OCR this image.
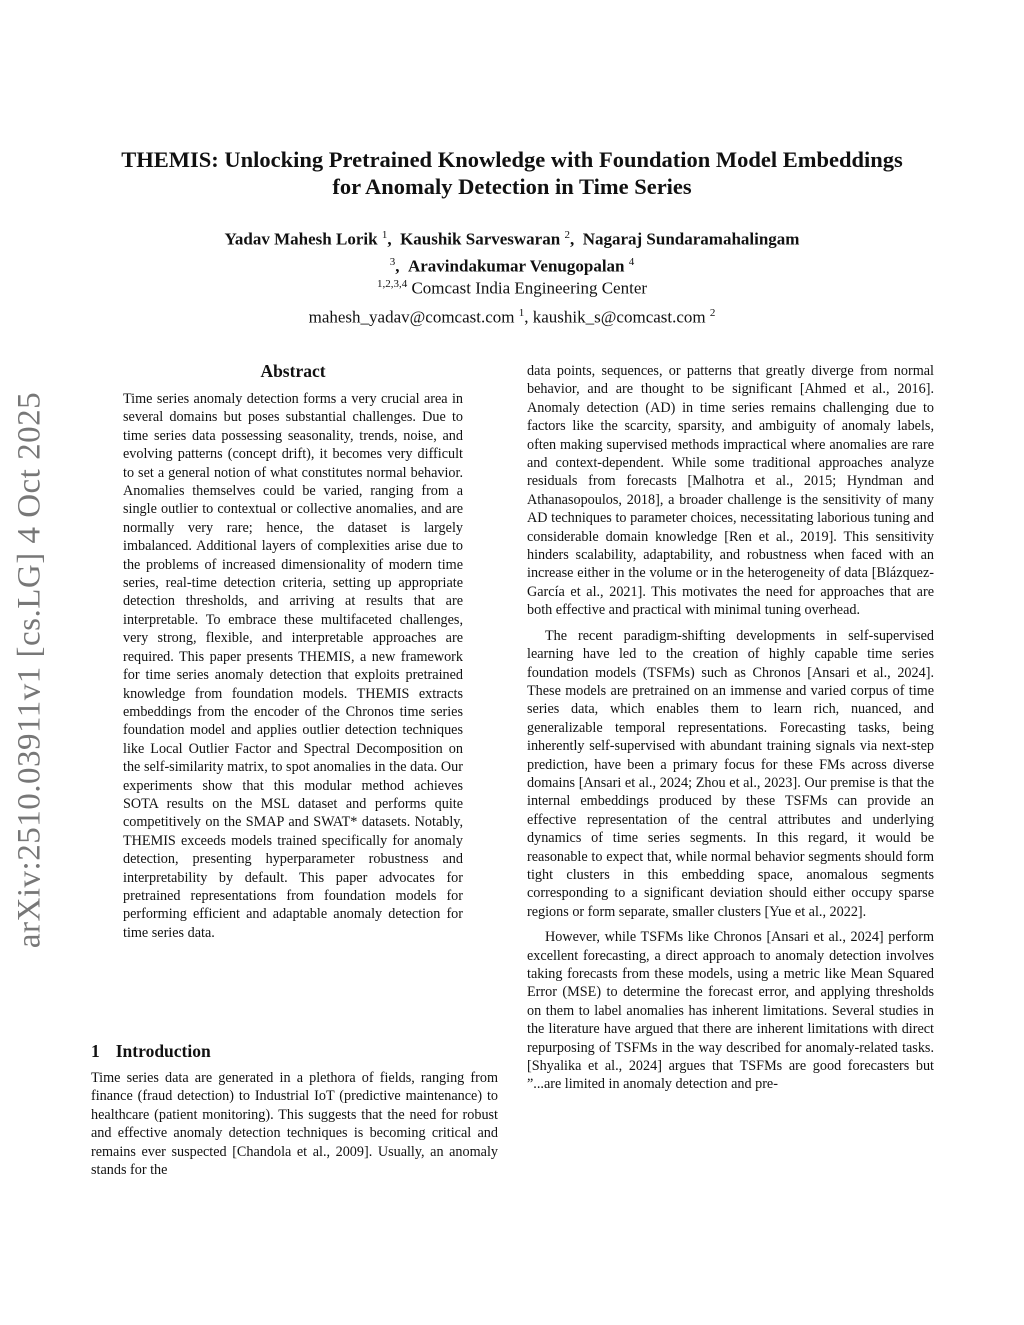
arXiv:2510.03911v1 [cs.LG] 4 Oct 2025
THEMIS: Unlocking Pretrained Knowledge with Foundation Model Embeddings
for Anomaly Detection in Time Series
Yadav Mahesh Lorik $^1$,  Kaushik Sarveswaran $^2$,  Nagaraj Sundaramahalingam
$^3$,  Aravindakumar Venugopalan $^4$
$^{1,2,3,4}$ Comcast India Engineering Center
mahesh_yadav@comcast.com $^1$, kaushik_s@comcast.com $^2$
Abstract
Time series anomaly detection forms a very crucial area in several domains but poses substantial challenges. Due to time series data possessing seasonality, trends, noise, and evolving patterns (concept drift), it becomes very difficult to set a general notion of what constitutes normal behavior. Anomalies themselves could be varied, ranging from a single outlier to contextual or collective anomalies, and are normally very rare; hence, the dataset is largely imbalanced. Additional layers of complexities arise due to the problems of increased dimensionality of modern time series, real-time detection criteria, setting up appropriate detection thresholds, and arriving at results that are interpretable. To embrace these multifaceted challenges, very strong, flexible, and interpretable approaches are required. This paper presents THEMIS, a new framework for time series anomaly detection that exploits pretrained knowledge from foundation models. THEMIS extracts embeddings from the encoder of the Chronos time series foundation model and applies outlier detection techniques like Local Outlier Factor and Spectral Decomposition on the self-similarity matrix, to spot anomalies in the data. Our experiments show that this modular method achieves SOTA results on the MSL dataset and performs quite competitively on the SMAP and SWAT* datasets. Notably, THEMIS exceeds models trained specifically for anomaly detection, presenting hyperparameter robustness and interpretability by default. This paper advocates for pretrained representations from foundation models for performing efficient and adaptable anomaly detection for time series data.
1 Introduction

Time series data are generated in a plethora of fields, ranging from finance (fraud detection) to Industrial IoT (predictive maintenance) to healthcare (patient monitoring). This suggests that the need for robust and effective anomaly detection techniques is becoming critical and remains ever suspected [Chandola et al., 2009]. Usually, an anomaly stands for the

data points, sequences, or patterns that greatly diverge from normal behavior, and are thought to be significant [Ahmed et al., 2016]. Anomaly detection (AD) in time series remains challenging due to factors like the scarcity, sparsity, and ambiguity of anomaly labels, often making supervised methods impractical where anomalies are rare and context-dependent. While some traditional approaches analyze residuals from forecasts [Malhotra et al., 2015; Hyndman and Athanasopoulos, 2018], a broader challenge is the sensitivity of many AD techniques to parameter choices, necessitating laborious tuning and considerable domain knowledge [Ren et al., 2019]. This sensitivity hinders scalability, adaptability, and robustness when faced with an increase either in the volume or in the heterogeneity of data [Blázquez-García et al., 2021]. This motivates the need for approaches that are both effective and practical with minimal tuning overhead.

The recent paradigm-shifting developments in self-supervised learning have led to the creation of highly capable time series foundation models (TSFMs) such as Chronos [Ansari et al., 2024]. These models are pretrained on an immense and varied corpus of time series data, which enables them to learn rich, nuanced, and generalizable temporal representations. Forecasting tasks, being inherently self-supervised with abundant training signals via next-step prediction, have been a primary focus for these FMs across diverse domains [Ansari et al., 2024; Zhou et al., 2023]. Our premise is that the internal embeddings produced by these TSFMs can provide an effective representation of the central attributes and underlying dynamics of time series segments. In this regard, it would be reasonable to expect that, while normal behavior segments should form tight clusters in this embedding space, anomalous segments corresponding to a significant deviation should either occupy sparse regions or form separate, smaller clusters [Yue et al., 2022].

However, while TSFMs like Chronos [Ansari et al., 2024] perform excellent forecasting, a direct approach to anomaly detection involves taking forecasts from these models, using a metric like Mean Squared Error (MSE) to determine the forecast error, and applying thresholds on them to label anomalies has inherent limitations. Several studies in the literature have argued that there are inherent limitations with direct repurposing of TSFMs in the way described for anomaly-related tasks. [Shyalika et al., 2024] argues that TSFMs are good forecasters but ”...are limited in anomaly detection and pre-
